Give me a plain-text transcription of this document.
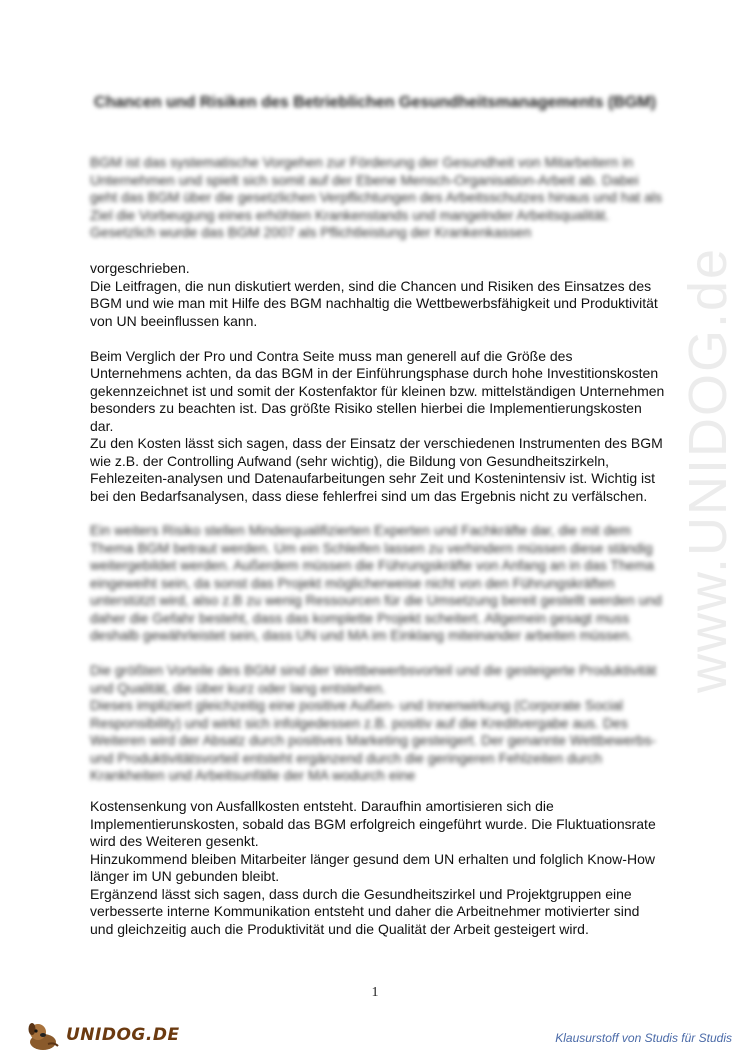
www.UNIDOG.de
Chancen und Risiken des Betrieblichen Gesundheitsmanagements (BGM)

BGM ist das systematische Vorgehen zur Förderung der Gesundheit von Mitarbeitern in Unternehmen und spielt sich somit auf der Ebene Mensch-Organisation-Arbeit ab. Dabei geht das BGM über die gesetzlichen Verpflichtungen des Arbeitsschutzes hinaus und hat als Ziel die Vorbeugung eines erhöhten Krankenstands und mangelnder Arbeitsqualität.

Gesetzlich wurde das BGM 2007 als Pflichtleistung der Krankenkassen

vorgeschrieben.

Die Leitfragen, die nun diskutiert werden, sind die Chancen und Risiken des Einsatzes des BGM und wie man mit Hilfe des BGM nachhaltig die Wettbewerbsfähigkeit und Produktivität von UN beeinflussen kann.

Beim Verglich der Pro und Contra Seite muss man generell auf die Größe des Unternehmens achten, da das BGM in der Einführungsphase durch hohe Investitionskosten gekennzeichnet ist und somit der Kostenfaktor für kleinen bzw. mittelständigen Unternehmen besonders zu beachten ist. Das größte Risiko stellen hierbei die Implementierungskosten dar.

Zu den Kosten lässt sich sagen, dass der Einsatz der verschiedenen Instrumenten des BGM wie z.B. der Controlling Aufwand (sehr wichtig), die Bildung von Gesundheitszirkeln, Fehlezeiten-analysen und Datenaufarbeitungen sehr Zeit und Kostenintensiv ist. Wichtig ist bei den Bedarfsanalysen, dass diese fehlerfrei sind um das Ergebnis nicht zu verfälschen.

Ein weiters Risiko stellen Minderqualifizierten Experten und Fachkräfte dar, die mit dem Thema BGM betraut werden. Um ein Schleifen lassen zu verhindern müssen diese ständig weitergebildet werden. Außerdem müssen die Führungskräfte von Anfang an in das Thema eingeweiht sein, da sonst das Projekt möglicherweise nicht von den Führungskräften unterstützt wird, also z.B zu wenig Ressourcen für die Umsetzung bereit gestellt werden und daher die Gefahr besteht, dass das komplette Projekt scheitert. Allgemein gesagt muss deshalb gewährleistet sein, dass UN und MA im Einklang miteinander arbeiten müssen.

Die größten Vorteile des BGM sind der Wettbewerbsvorteil und die gesteigerte Produktivität und Qualität, die über kurz oder lang entstehen.

Dieses impliziert gleichzeitig eine positive Außen- und Innenwirkung (Corporate Social Responsibility) und wirkt sich infolgedessen z.B. positiv auf die Kreditvergabe aus. Des Weiteren wird der Absatz durch positives Marketing gesteigert. Der genannte Wettbewerbs- und Produktivitätsvorteil entsteht ergänzend durch die geringeren Fehlzeiten durch Krankheiten und Arbeitsunfälle der MA wodurch eine

Kostensenkung von Ausfallkosten entsteht. Daraufhin amortisieren sich die Implementierunskosten, sobald das BGM erfolgreich eingeführt wurde. Die Fluktuationsrate wird des Weiteren gesenkt.

Hinzukommend bleiben Mitarbeiter länger gesund dem UN erhalten und folglich Know-How länger im UN gebunden bleibt.

Ergänzend lässt sich sagen, dass durch die Gesundheitszirkel und Projektgruppen eine verbesserte interne Kommunikation entsteht und daher die Arbeitnehmer motivierter sind und gleichzeitig auch die Produktivität und die Qualität der Arbeit gesteigert wird.

1
UNIDOG.DE	Klausurstoff von Studis für Studis
